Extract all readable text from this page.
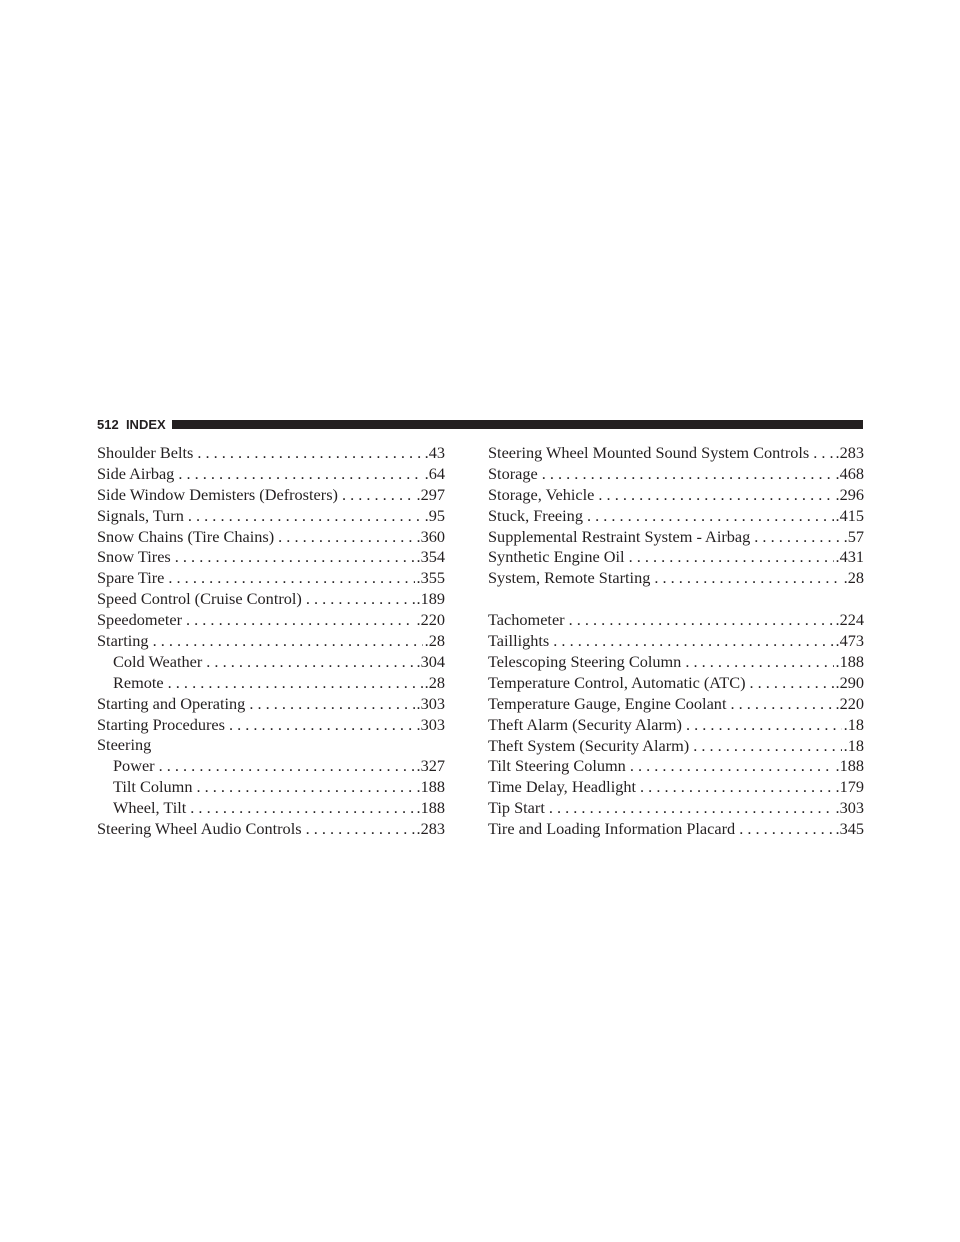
512 INDEX
Shoulder Belts . . .	.43
Side Airbag . . .	.64
Side Window Demisters (Defrosters) . . .	.297
Signals, Turn . . .	.95
Snow Chains (Tire Chains) . . .	.360
Snow Tires . . .	.354
Spare Tire . . .	.355
Speed Control (Cruise Control) . . .	.189
Speedometer . . .	.220
Starting . . .	.28
Cold Weather . . .	.304
Remote . . .	.28
Starting and Operating . . .	.303
Starting Procedures . . .	.303
Steering
Power . . .	.327
Tilt Column . . .	.188
Wheel, Tilt . . .	.188
Steering Wheel Audio Controls . . .	.283
Steering Wheel Mounted Sound System Controls . . . .283
Storage . . .	.468
Storage, Vehicle . . .	.296
Stuck, Freeing . . .	.415
Supplemental Restraint System - Airbag . . .	.57
Synthetic Engine Oil . . .	.431
System, Remote Starting . . .	.28
Tachometer . . .	.224
Taillights . . .	.473
Telescoping Steering Column . . .	.188
Temperature Control, Automatic (ATC) . . .	.290
Temperature Gauge, Engine Coolant . . .	.220
Theft Alarm (Security Alarm) . . .	.18
Theft System (Security Alarm) . . .	.18
Tilt Steering Column . . .	.188
Time Delay, Headlight . . .	.179
Tip Start . . .	.303
Tire and Loading Information Placard . . .	.345
